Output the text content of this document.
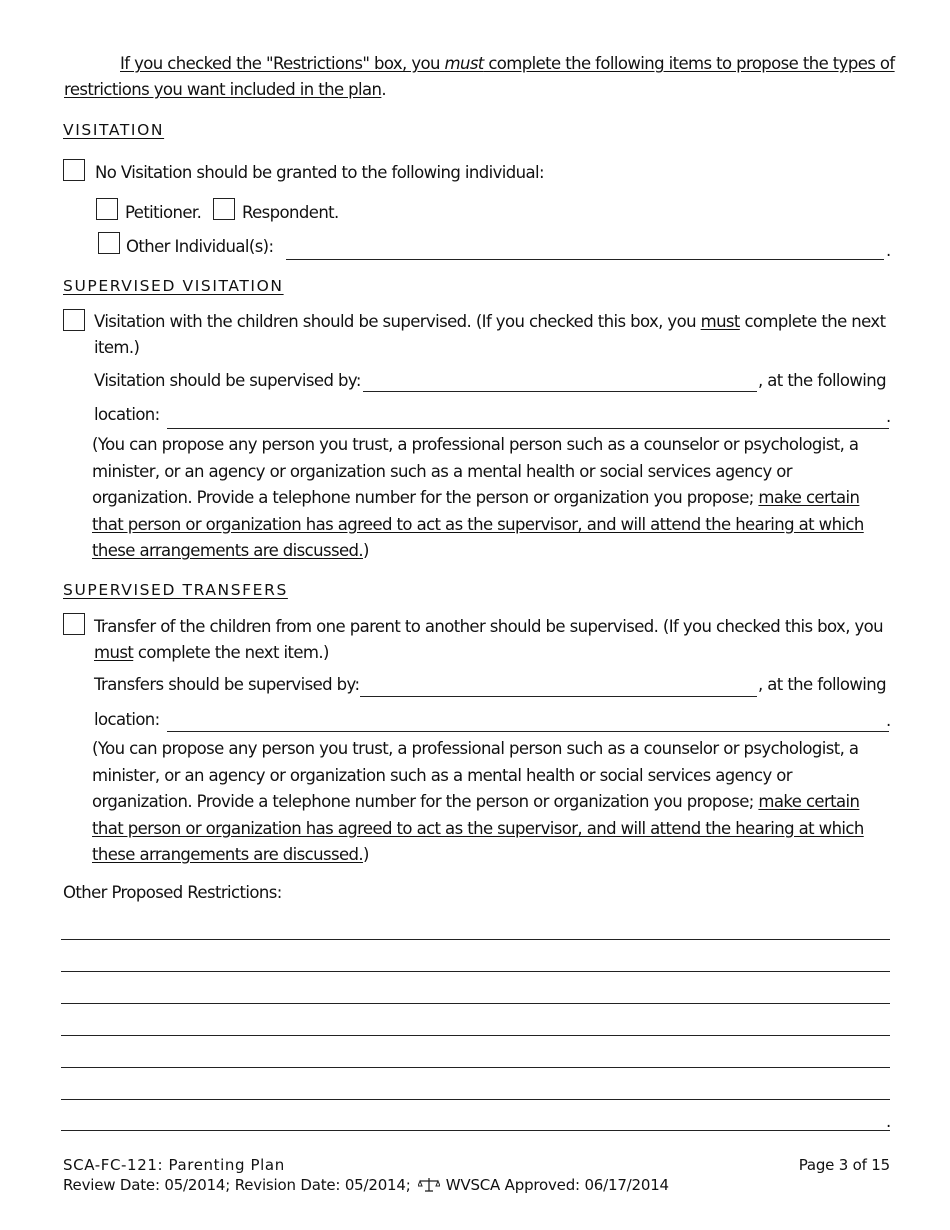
If you checked the "Restrictions" box, you must complete the following items to propose the types of
restrictions you want included in the plan.
VISITATION
No Visitation should be granted to the following individual:
Petitioner. Respondent.
Other Individual(s):	.
SUPERVISED VISITATION
Visitation with the children should be supervised. (If you checked this box, you must complete the next
item.)
Visitation should be supervised by:	, at the following
location:	.
(You can propose any person you trust, a professional person such as a counselor or psychologist, a minister, or an agency or organization such as a mental health or social services agency or organization. Provide a telephone number for the person or organization you propose; make certain that person or organization has agreed to act as the supervisor, and will attend the hearing at which these arrangements are discussed.)
SUPERVISED TRANSFERS
Transfer of the children from one parent to another should be supervised. (If you checked this box, you
must complete the next item.)
Transfers should be supervised by:	, at the following
location:	.
(You can propose any person you trust, a professional person such as a counselor or psychologist, a minister, or an agency or organization such as a mental health or social services agency or organization. Provide a telephone number for the person or organization you propose; make certain that person or organization has agreed to act as the supervisor, and will attend the hearing at which these arrangements are discussed.)
Other Proposed Restrictions:
.
SCA-FC-121: Parenting Plan	Page 3 of 15
Review Date: 05/2014; Revision Date: 05/2014; WVSCA Approved: 06/17/2014
